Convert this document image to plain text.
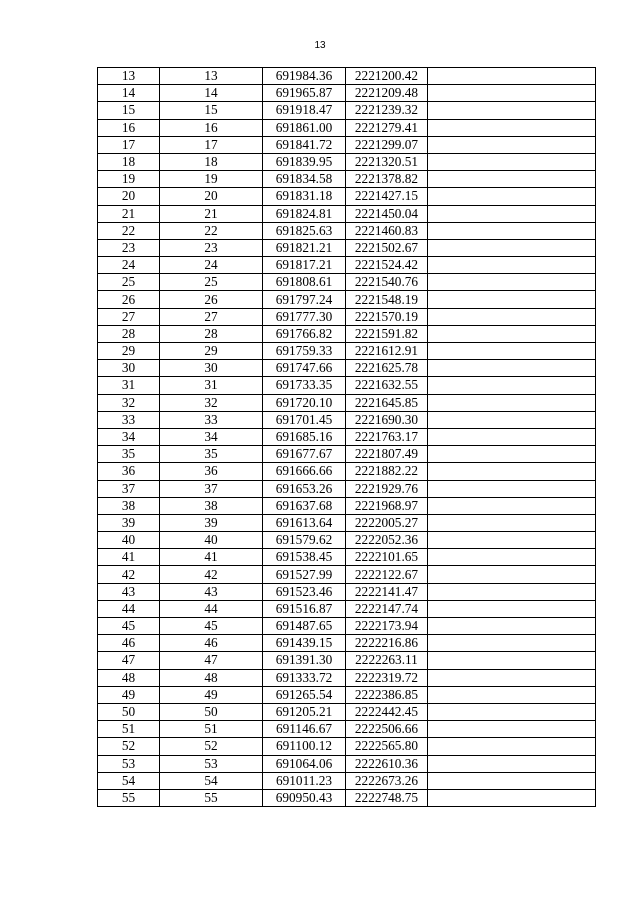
13
13	13	691984.36	2221200.42	
14	14	691965.87	2221209.48	
15	15	691918.47	2221239.32	
16	16	691861.00	2221279.41	
17	17	691841.72	2221299.07	
18	18	691839.95	2221320.51	
19	19	691834.58	2221378.82	
20	20	691831.18	2221427.15	
21	21	691824.81	2221450.04	
22	22	691825.63	2221460.83	
23	23	691821.21	2221502.67	
24	24	691817.21	2221524.42	
25	25	691808.61	2221540.76	
26	26	691797.24	2221548.19	
27	27	691777.30	2221570.19	
28	28	691766.82	2221591.82	
29	29	691759.33	2221612.91	
30	30	691747.66	2221625.78	
31	31	691733.35	2221632.55	
32	32	691720.10	2221645.85	
33	33	691701.45	2221690.30	
34	34	691685.16	2221763.17	
35	35	691677.67	2221807.49	
36	36	691666.66	2221882.22	
37	37	691653.26	2221929.76	
38	38	691637.68	2221968.97	
39	39	691613.64	2222005.27	
40	40	691579.62	2222052.36	
41	41	691538.45	2222101.65	
42	42	691527.99	2222122.67	
43	43	691523.46	2222141.47	
44	44	691516.87	2222147.74	
45	45	691487.65	2222173.94	
46	46	691439.15	2222216.86	
47	47	691391.30	2222263.11	
48	48	691333.72	2222319.72	
49	49	691265.54	2222386.85	
50	50	691205.21	2222442.45	
51	51	691146.67	2222506.66	
52	52	691100.12	2222565.80	
53	53	691064.06	2222610.36	
54	54	691011.23	2222673.26	
55	55	690950.43	2222748.75	
